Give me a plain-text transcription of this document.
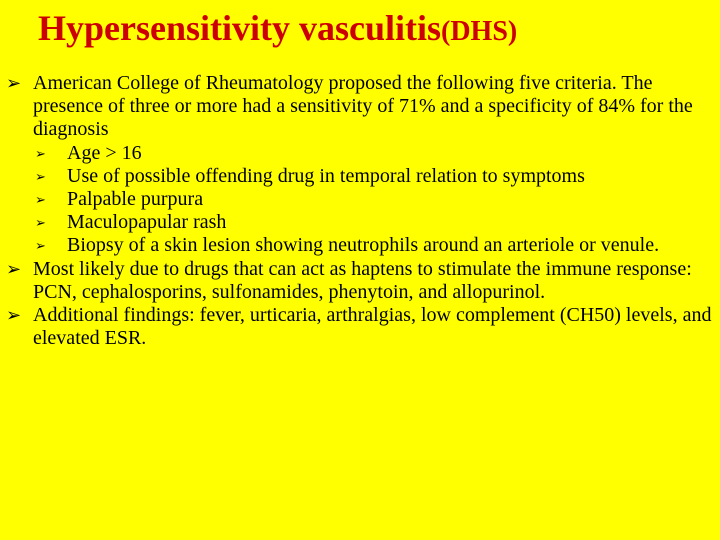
Hypersensitivity vasculitis(DHS)
➢ American College of Rheumatology proposed the following five criteria. The presence of three or more had a sensitivity of 71% and a specificity of 84% for the diagnosis
➢ Age > 16
➢ Use of possible offending drug in temporal relation to symptoms
➢ Palpable purpura
➢ Maculopapular rash
➢ Biopsy of a skin lesion showing neutrophils around an arteriole or venule.
➢ Most likely due to drugs that can act as haptens to stimulate the immune response: PCN, cephalosporins, sulfonamides, phenytoin, and allopurinol.
➢ Additional findings: fever, urticaria, arthralgias, low complement (CH50) levels, and elevated ESR.
